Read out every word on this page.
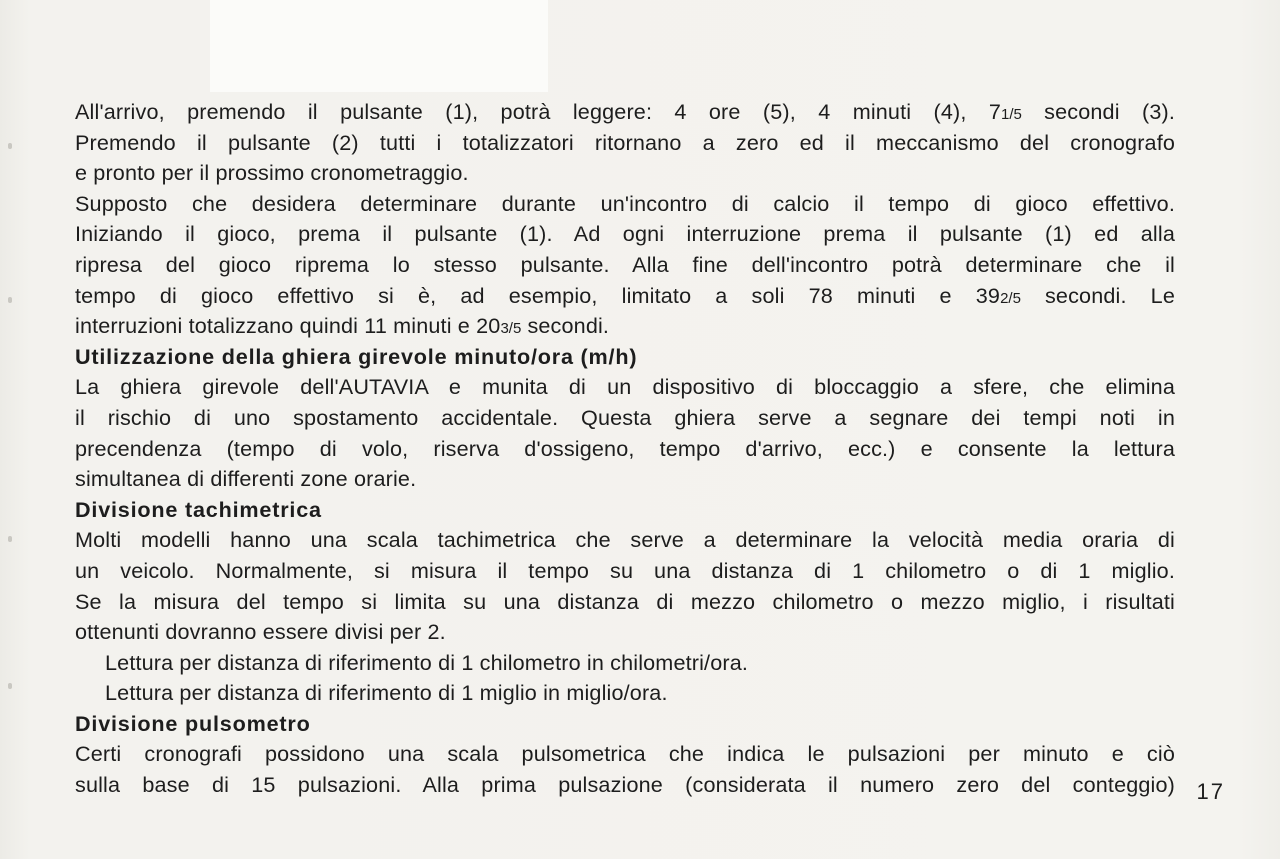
All'arrivo, premendo il pulsante (1), potrà leggere: 4 ore (5), 4 minuti (4), 71/5 secondi (3).
Premendo il pulsante (2) tutti i totalizzatori ritornano a zero ed il meccanismo del cronografo
e pronto per il prossimo cronometraggio.
Supposto che desidera determinare durante un'incontro di calcio il tempo di gioco effettivo.
Iniziando il gioco, prema il pulsante (1). Ad ogni interruzione prema il pulsante (1) ed alla
ripresa del gioco riprema lo stesso pulsante. Alla fine dell'incontro potrà determinare che il
tempo di gioco effettivo si è, ad esempio, limitato a soli 78 minuti e 392/5 secondi. Le
interruzioni totalizzano quindi 11 minuti e 203/5 secondi.
Utilizzazione della ghiera girevole minuto/ora (m/h)
La ghiera girevole dell'AUTAVIA e munita di un dispositivo di bloccaggio a sfere, che elimina
il rischio di uno spostamento accidentale. Questa ghiera serve a segnare dei tempi noti in
precendenza (tempo di volo, riserva d'ossigeno, tempo d'arrivo, ecc.) e consente la lettura
simultanea di differenti zone orarie.
Divisione tachimetrica
Molti modelli hanno una scala tachimetrica che serve a determinare la velocità media oraria di
un veicolo. Normalmente, si misura il tempo su una distanza di 1 chilometro o di 1 miglio.
Se la misura del tempo si limita su una distanza di mezzo chilometro o mezzo miglio, i risultati
ottenunti dovranno essere divisi per 2.
Lettura per distanza di riferimento di 1 chilometro in chilometri/ora.
Lettura per distanza di riferimento di 1 miglio in miglio/ora.
Divisione pulsometro
Certi cronografi possidono una scala pulsometrica che indica le pulsazioni per minuto e ciò
sulla base di 15 pulsazioni. Alla prima pulsazione (considerata il numero zero del conteggio) 17
